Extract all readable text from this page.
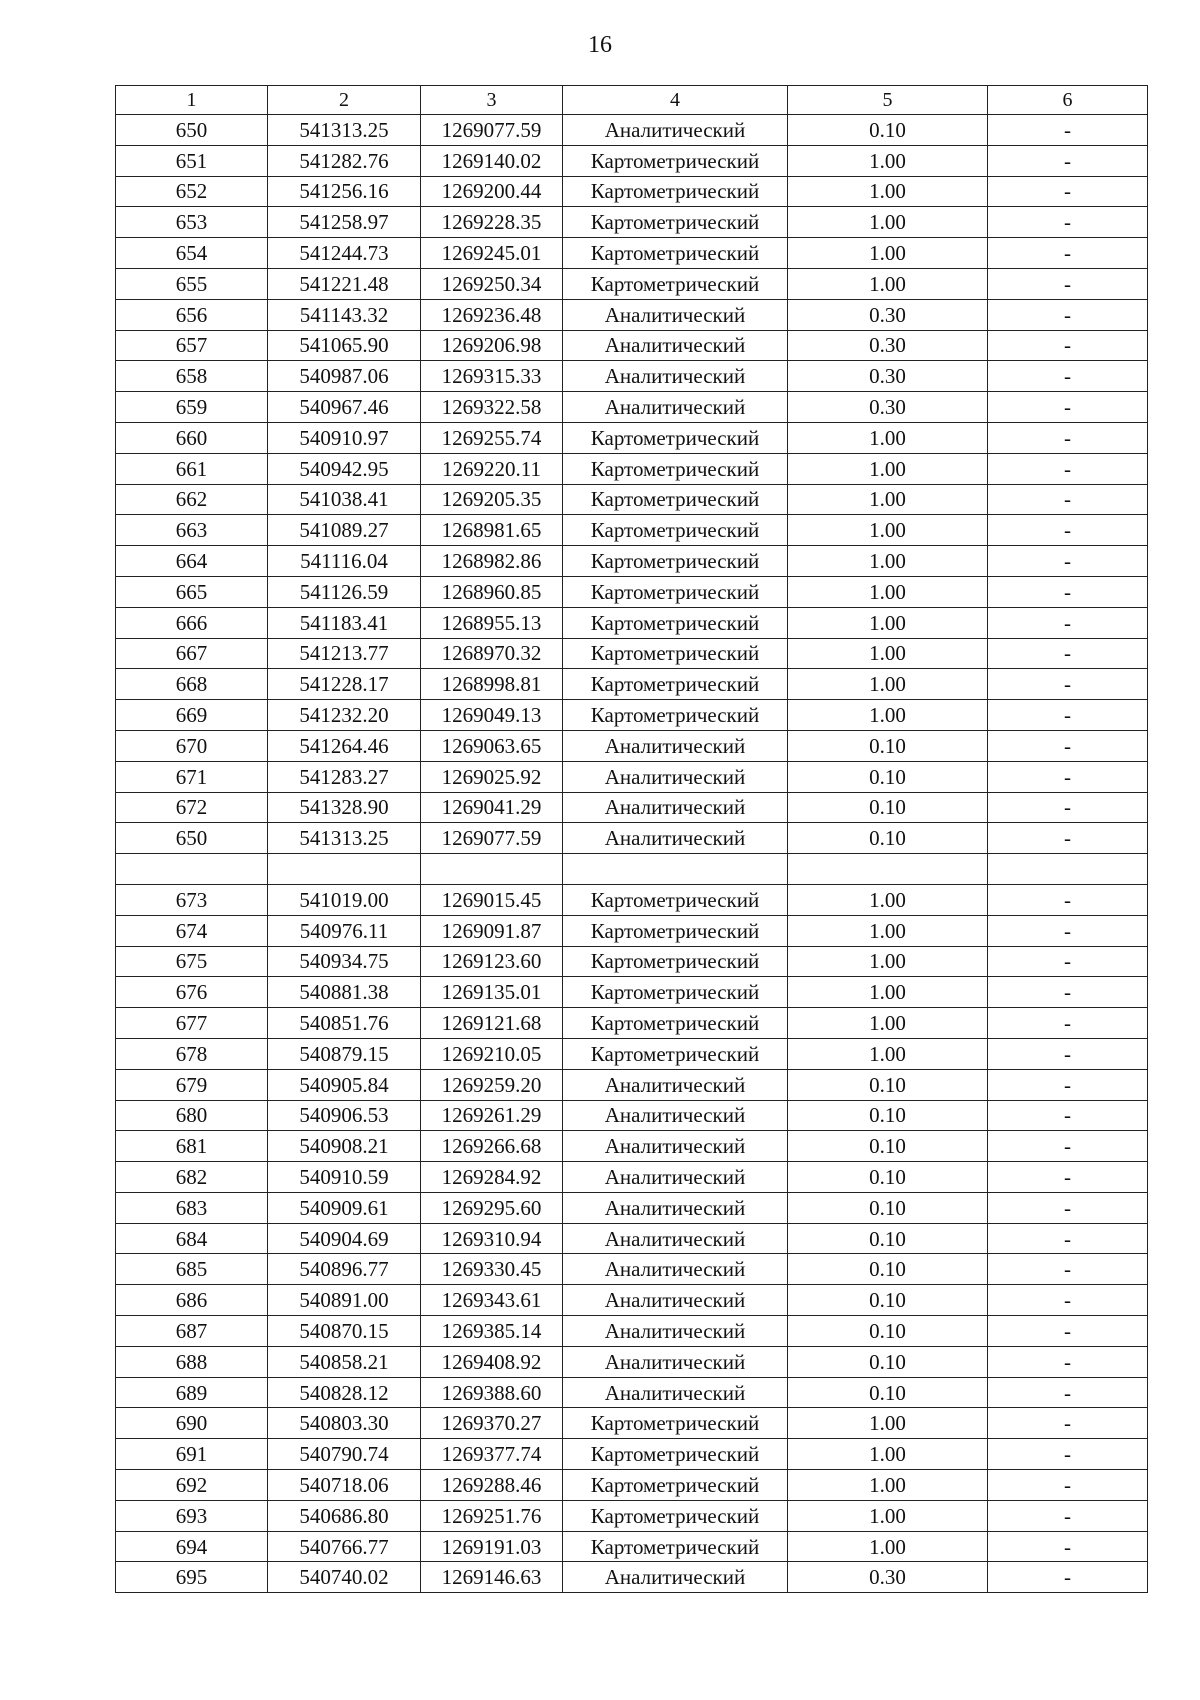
16
1	2	3	4	5	6
650	541313.25	1269077.59	Аналитический	0.10	-
651	541282.76	1269140.02	Картометрический	1.00	-
652	541256.16	1269200.44	Картометрический	1.00	-
653	541258.97	1269228.35	Картометрический	1.00	-
654	541244.73	1269245.01	Картометрический	1.00	-
655	541221.48	1269250.34	Картометрический	1.00	-
656	541143.32	1269236.48	Аналитический	0.30	-
657	541065.90	1269206.98	Аналитический	0.30	-
658	540987.06	1269315.33	Аналитический	0.30	-
659	540967.46	1269322.58	Аналитический	0.30	-
660	540910.97	1269255.74	Картометрический	1.00	-
661	540942.95	1269220.11	Картометрический	1.00	-
662	541038.41	1269205.35	Картометрический	1.00	-
663	541089.27	1268981.65	Картометрический	1.00	-
664	541116.04	1268982.86	Картометрический	1.00	-
665	541126.59	1268960.85	Картометрический	1.00	-
666	541183.41	1268955.13	Картометрический	1.00	-
667	541213.77	1268970.32	Картометрический	1.00	-
668	541228.17	1268998.81	Картометрический	1.00	-
669	541232.20	1269049.13	Картометрический	1.00	-
670	541264.46	1269063.65	Аналитический	0.10	-
671	541283.27	1269025.92	Аналитический	0.10	-
672	541328.90	1269041.29	Аналитический	0.10	-
650	541313.25	1269077.59	Аналитический	0.10	-

673	541019.00	1269015.45	Картометрический	1.00	-
674	540976.11	1269091.87	Картометрический	1.00	-
675	540934.75	1269123.60	Картометрический	1.00	-
676	540881.38	1269135.01	Картометрический	1.00	-
677	540851.76	1269121.68	Картометрический	1.00	-
678	540879.15	1269210.05	Картометрический	1.00	-
679	540905.84	1269259.20	Аналитический	0.10	-
680	540906.53	1269261.29	Аналитический	0.10	-
681	540908.21	1269266.68	Аналитический	0.10	-
682	540910.59	1269284.92	Аналитический	0.10	-
683	540909.61	1269295.60	Аналитический	0.10	-
684	540904.69	1269310.94	Аналитический	0.10	-
685	540896.77	1269330.45	Аналитический	0.10	-
686	540891.00	1269343.61	Аналитический	0.10	-
687	540870.15	1269385.14	Аналитический	0.10	-
688	540858.21	1269408.92	Аналитический	0.10	-
689	540828.12	1269388.60	Аналитический	0.10	-
690	540803.30	1269370.27	Картометрический	1.00	-
691	540790.74	1269377.74	Картометрический	1.00	-
692	540718.06	1269288.46	Картометрический	1.00	-
693	540686.80	1269251.76	Картометрический	1.00	-
694	540766.77	1269191.03	Картометрический	1.00	-
695	540740.02	1269146.63	Аналитический	0.30	-
